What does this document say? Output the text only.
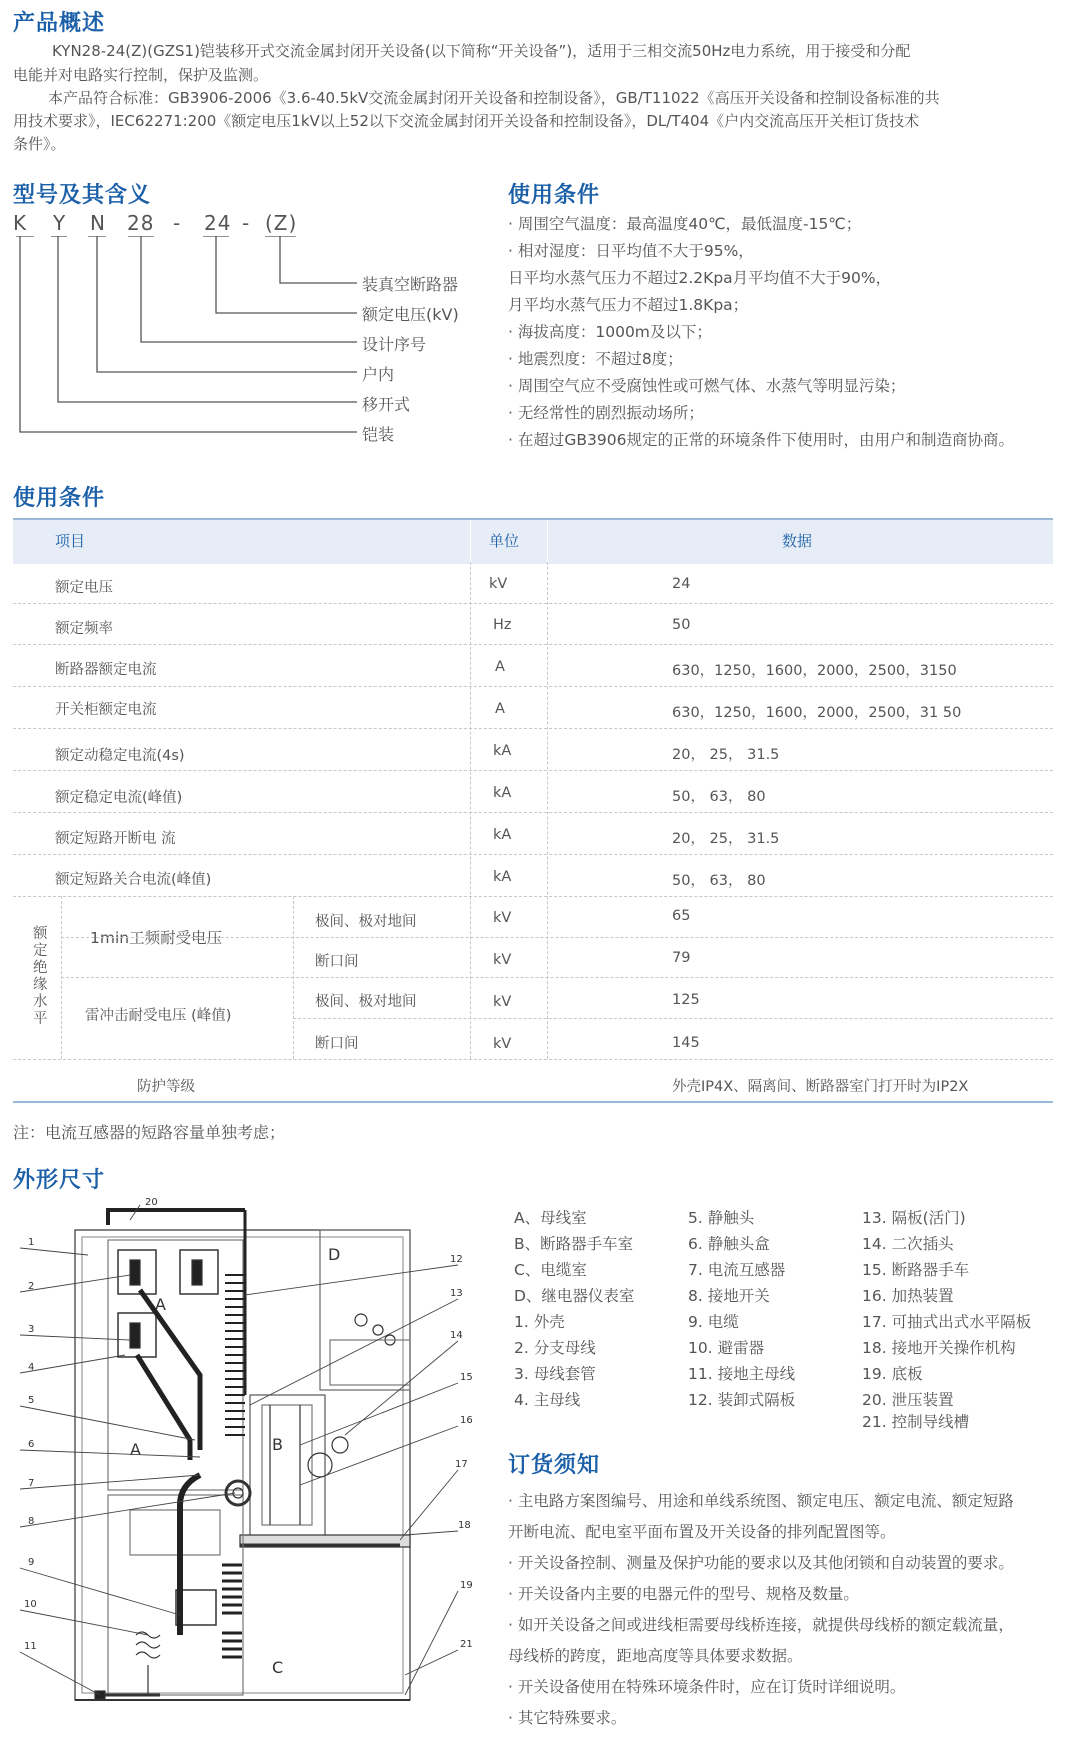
产品概述
KYN28-24(Z)(GZS1)铠装移开式交流金属封闭开关设备(以下简称“开关设备”)，适用于三相交流50Hz电力系统，用于接受和分配
电能并对电路实行控制，保护及监测。
本产品符合标准：GB3906-2006《3.6-40.5kV交流金属封闭开关设备和控制设备》，GB/T11022《高压开关设备和控制设备标准的共
用技术要求》，IEC62271:200《额定电压1kV以上52以下交流金属封闭开关设备和控制设备》，DL/T404《户内交流高压开关柜订货技术
条件》。
型号及其含义
K Y N 28 - 24 - (Z)
装真空断路器
额定电压(kV)
设计序号
户内
移开式
铠装
使用条件
· 周围空气温度：最高温度40℃，最低温度-15℃；
· 相对湿度：日平均值不大于95%，
日平均水蒸气压力不超过2.2Kpa月平均值不大于90%，
月平均水蒸气压力不超过1.8Kpa；
· 海拔高度：1000m及以下；
· 地震烈度：不超过8度；
· 周围空气应不受腐蚀性或可燃气体、水蒸气等明显污染；
· 无经常性的剧烈振动场所；
· 在超过GB3906规定的正常的环境条件下使用时，由用户和制造商协商。
使用条件
项目	单位	数据
额定电压	kV	24
额定频率	Hz	50
断路器额定电流	A	630，1250，1600，2000，2500，3150
开关柜额定电流	A	630，1250，1600，2000，2500，31 50
额定动稳定电流(4s)	kA	20， 25， 31.5
额定稳定电流(峰值)	kA	50， 63， 80
额定短路开断电 流	kA	20， 25， 31.5
额定短路关合电流(峰值)	kA	50， 63， 80
额定绝缘水平
1min工频耐受电压
雷冲击耐受电压 (峰值)
极间、极对地间	kV	65
断口间	kV	79
极间、极对地间	kV	125
断口间	kV	145
防护等级	外壳IP4X、隔离间、断路器室门打开时为IP2X
注：电流互感器的短路容量单独考虑；
外形尺寸
A
A	B
C
D
1
2
3
4
5
6
7
8
9
10
11
12
13
14
15
16
17
18
19
20
21
A、母线室	5. 静触头	13. 隔板(活门)
B、断路器手车室	6. 静触头盒	14. 二次插头
C、电缆室	7. 电流互感器	15. 断路器手车
D、继电器仪表室	8. 接地开关	16. 加热装置
1. 外壳	9. 电缆	17. 可抽式出式水平隔板
2. 分支母线	10. 避雷器	18. 接地开关操作机构
3. 母线套管	11. 接地主母线	19. 底板
4. 主母线	12. 装卸式隔板	20. 泄压装置
21. 控制导线槽
订货须知
· 主电路方案图编号、用途和单线系统图、额定电压、额定电流、额定短路
开断电流、配电室平面布置及开关设备的排列配置图等。
· 开关设备控制、测量及保护功能的要求以及其他闭锁和自动装置的要求。
· 开关设备内主要的电器元件的型号、规格及数量。
· 如开关设备之间或进线柜需要母线桥连接，就提供母线桥的额定载流量，
母线桥的跨度，距地高度等具体要求数据。
· 开关设备使用在特殊环境条件时，应在订货时详细说明。
· 其它特殊要求。
